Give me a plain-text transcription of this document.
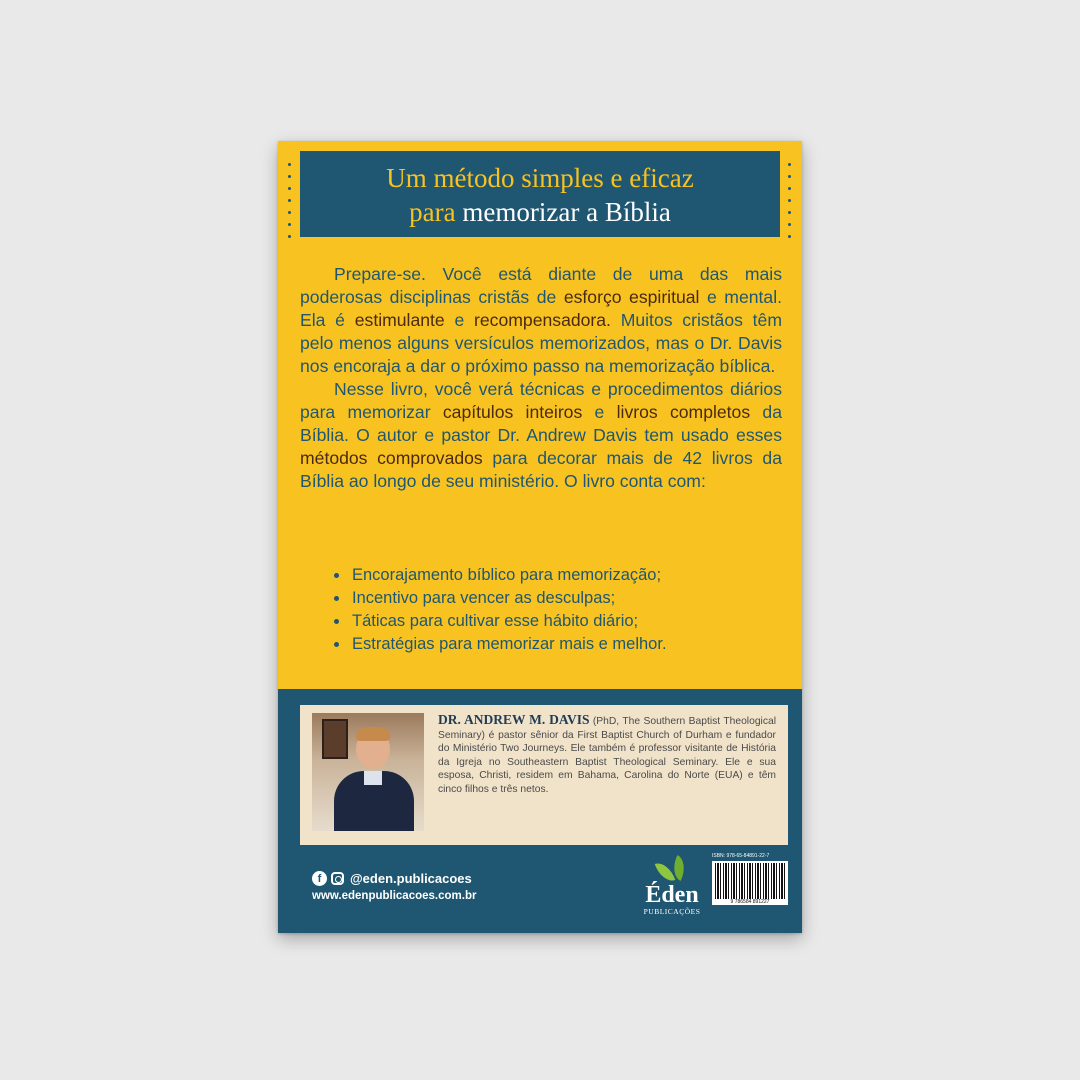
Um método simples e eficaz
para memorizar a Bíblia

Prepare-se. Você está diante de uma das mais poderosas disciplinas cristãs de esforço espiritual e mental. Ela é estimulante e recompensadora. Muitos cristãos têm pelo menos alguns versículos memorizados, mas o Dr. Davis nos encoraja a dar o próximo passo na memorização bíblica.

Nesse livro, você verá técnicas e procedimentos diários para memorizar capítulos inteiros e livros completos da Bíblia. O autor e pastor Dr. Andrew Davis tem usado esses métodos comprovados para decorar mais de 42 livros da Bíblia ao longo de seu ministério. O livro conta com:

• Encorajamento bíblico para memorização;
• Incentivo para vencer as desculpas;
• Táticas para cultivar esse hábito diário;
• Estratégias para memorizar mais e melhor.
DR. ANDREW M. DAVIS (PhD, The Southern Baptist Theological Seminary) é pastor sênior da First Baptist Church of Durham e fundador do Ministério Two Journeys. Ele também é professor visitante de História da Igreja no Southeastern Baptist Theological Seminary. Ele e sua esposa, Christi, residem em Bahama, Carolina do Norte (EUA) e têm cinco filhos e três netos.
f	@eden.publicacoes
www.edenpublicacoes.com.br	Éden
PUBLICAÇÕES
ISBN: 978-65-84891-22-7
9 786584 891227
